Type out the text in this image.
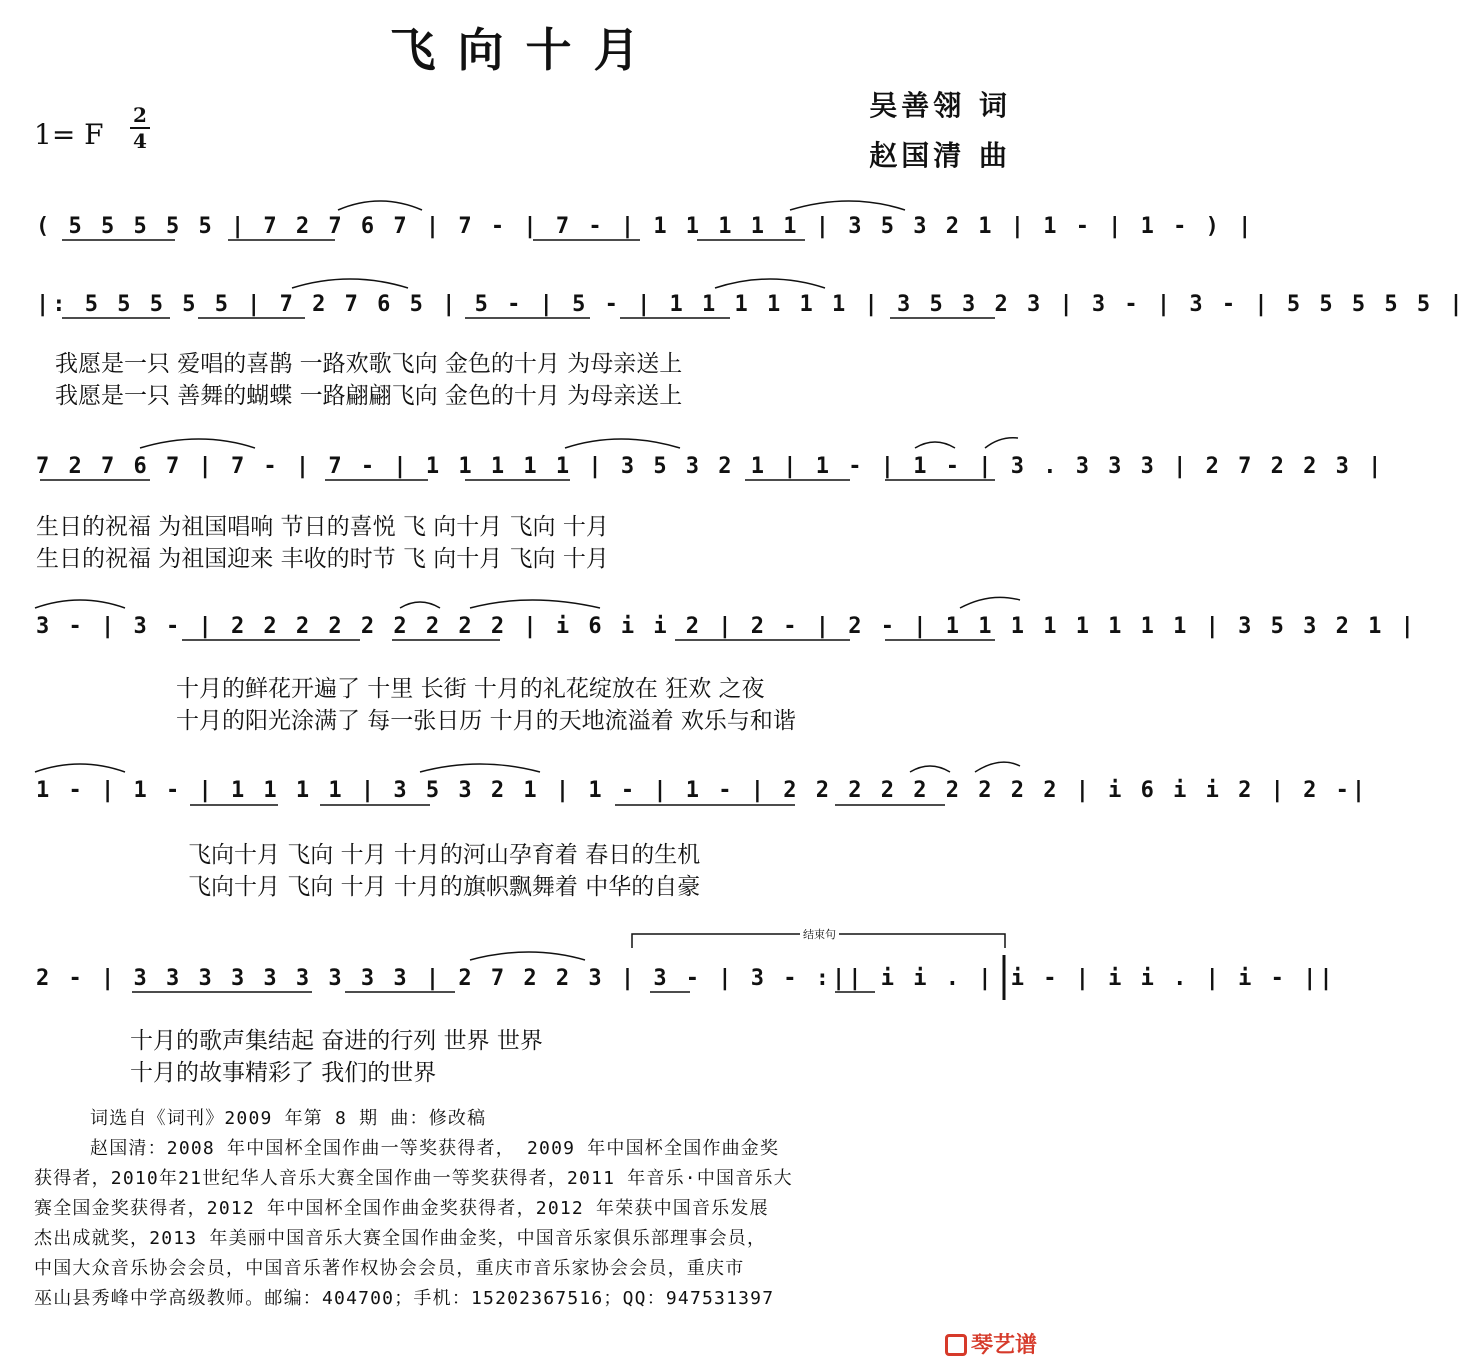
飞向十月
1= F
2
4
吴善翎 词
赵国清 曲
( 5 5 5 5 5 | 7 2 7 6 7 | 7 - | 7 - | 1 1 1 1 1 | 3 5 3 2 1 | 1 - | 1 - ) |
|: 5 5 5 5 5 | 7 2 7 6 5 | 5 - | 5 - | 1 1 1 1 1 1 | 3 5 3 2 3 | 3 - | 3 - | 5 5 5 5 5 |
我愿是一只 爱唱的喜鹊 一路欢歌飞向 金色的十月 为母亲送上
我愿是一只 善舞的蝴蝶 一路翩翩飞向 金色的十月 为母亲送上
7 2 7 6 7 | 7 - | 7 - | 1 1 1 1 1 | 3 5 3 2 1 | 1 - | 1 - | 3 . 3 3 3 | 2 7 2 2 3 |
生日的祝福 为祖国唱响 节日的喜悦 飞 向十月 飞向 十月
生日的祝福 为祖国迎来 丰收的时节 飞 向十月 飞向 十月
3 - | 3 - | 2 2 2 2 2 2 2 2 2 | i 6 i i 2 | 2 - | 2 - | 1 1 1 1 1 1 1 1 | 3 5 3 2 1 |
十月的鲜花开遍了 十里 长街 十月的礼花绽放在 狂欢 之夜
十月的阳光涂满了 每一张日历 十月的天地流溢着 欢乐与和谐
1 - | 1 - | 1 1 1 1 | 3 5 3 2 1 | 1 - | 1 - | 2 2 2 2 2 2 2 2 2 | i 6 i i 2 | 2 -|
飞向十月 飞向 十月 十月的河山孕育着 春日的生机
飞向十月 飞向 十月 十月的旗帜飘舞着 中华的自豪
结束句
2 - | 3 3 3 3 3 3 3 3 3 | 2 7 2 2 3 | 3 - | 3 - :|| i i . | i - | i i . | i - ||
十月的歌声集结起 奋进的行列 世界 世界
十月的故事精彩了 我们的世界
词选自《词刊》2009 年第 8 期 曲：修改稿
赵国清：2008 年中国杯全国作曲一等奖获得者， 2009 年中国杯全国作曲金奖
获得者，2010年21世纪华人音乐大赛全国作曲一等奖获得者，2011 年音乐·中国音乐大
赛全国金奖获得者，2012 年中国杯全国作曲金奖获得者，2012 年荣获中国音乐发展
杰出成就奖，2013 年美丽中国音乐大赛全国作曲金奖，中国音乐家俱乐部理事会员，
中国大众音乐协会会员，中国音乐著作权协会会员，重庆市音乐家协会会员，重庆市
巫山县秀峰中学高级教师。邮编：404700；手机：15202367516；QQ：947531397
琴艺谱
